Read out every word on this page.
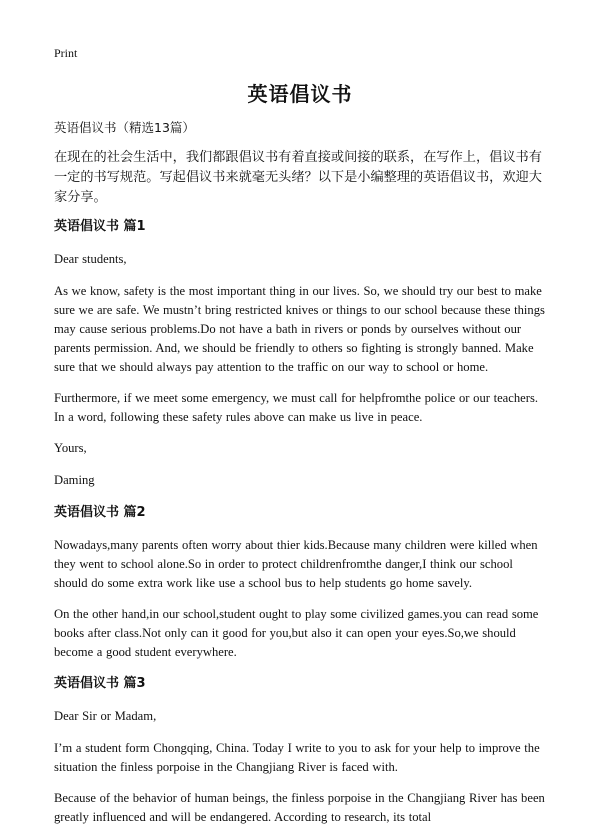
Print
英语倡议书
英语倡议书（精选13篇）
在现在的社会生活中，我们都跟倡议书有着直接或间接的联系，在写作上，倡议书有一定的书写规范。写起倡议书来就毫无头绪？以下是小编整理的英语倡议书，欢迎大家分享。
英语倡议书 篇1

Dear students,

As we know, safety is the most important thing in our lives. So, we should try our best to make sure we are safe. We mustn’t bring restricted knives or things to our school because these things may cause serious problems.Do not have a bath in rivers or ponds by ourselves without our parents permission. And, we should be friendly to others so fighting is strongly banned. Make sure that we should always pay attention to the traffic on our way to school or home.

Furthermore, if we meet some emergency, we must call for helpfromthe police or our teachers. In a word, following these safety rules above can make us live in peace.

Yours,

Daming

英语倡议书 篇2

Nowadays,many parents often worry about thier kids.Because many children were killed when they went to school alone.So in order to protect childrenfromthe danger,I think our school should do some extra work like use a school bus to help students go home savely.

On the other hand,in our school,student ought to play some civilized games.you can read some books after class.Not only can it good for you,but also it can open your eyes.So,we should become a good student everywhere.

英语倡议书 篇3

Dear Sir or Madam,

I’m a student form Chongqing, China. Today I write to you to ask for your help to improve the situation the finless porpoise in the Changjiang River is faced with.

Because of the behavior of human beings, the finless porpoise in the Changjiang River has been greatly influenced and will be endangered. According to research, its total
